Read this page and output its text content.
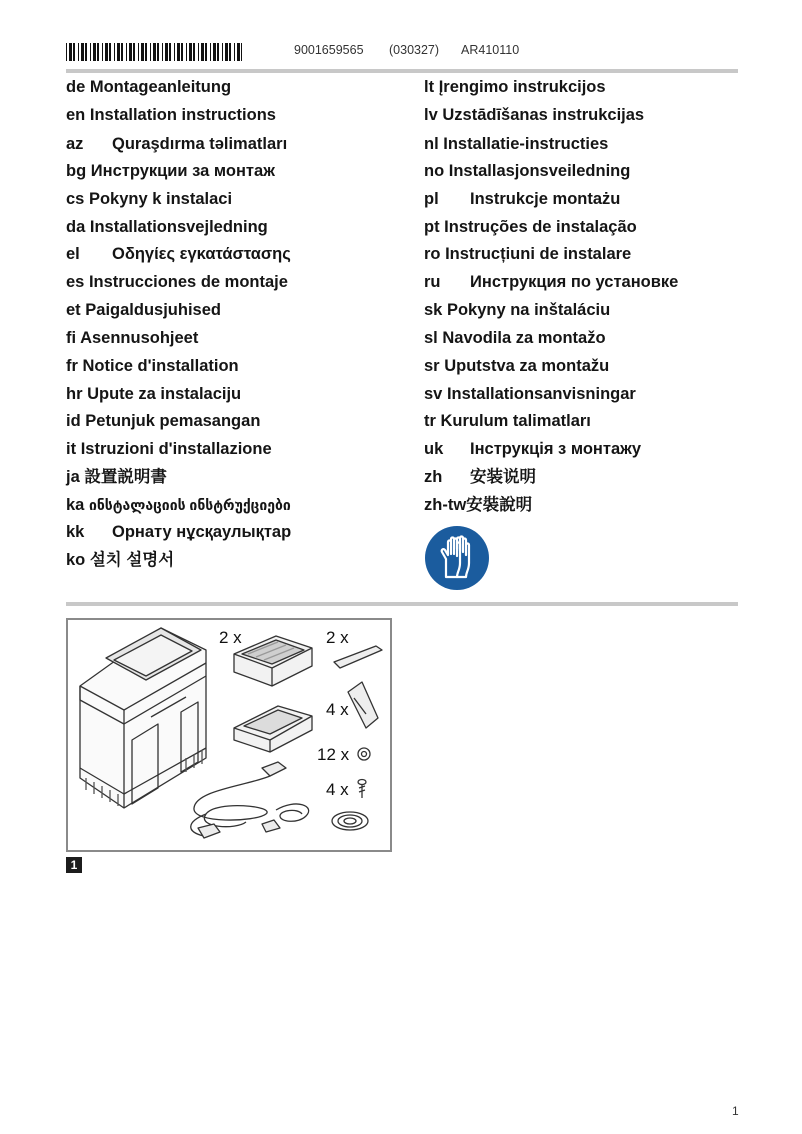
9001659565 (030327) AR410110
de Montageanleitung
en Installation instructions
az Quraşdırma təlimatları
bg Инструкции за монтаж
cs Pokyny k instalaci
da Installationsvejledning
el Οδηγίες εγκατάστασης
es Instrucciones de montaje
et Paigaldusjuhised
fi Asennusohjeet
fr Notice d'installation
hr Upute za instalaciju
id Petunjuk pemasangan
it Istruzioni d'installazione
ja 設置説明書
ka ინსტალაციის ინსტრუქციები
kk Орнату нұсқаулықтар
ko 설치 설명서
lt Įrengimo instrukcijos
lv Uzstādīšanas instrukcijas
nl Installatie-instructies
no Installasjonsveiledning
pl Instrukcje montażu
pt Instruções de instalação
ro Instrucțiuni de instalare
ru Инструкция по установке
sk Pokyny na inštaláciu
sl Navodila za montažo
sr Uputstva za montažu
sv Installationsanvisningar
tr Kurulum talimatları
uk Інструкція з монтажу
zh 安装说明
zh-tw安裝說明
2 x	2 x
4 x
12 x
4 x
1
1
